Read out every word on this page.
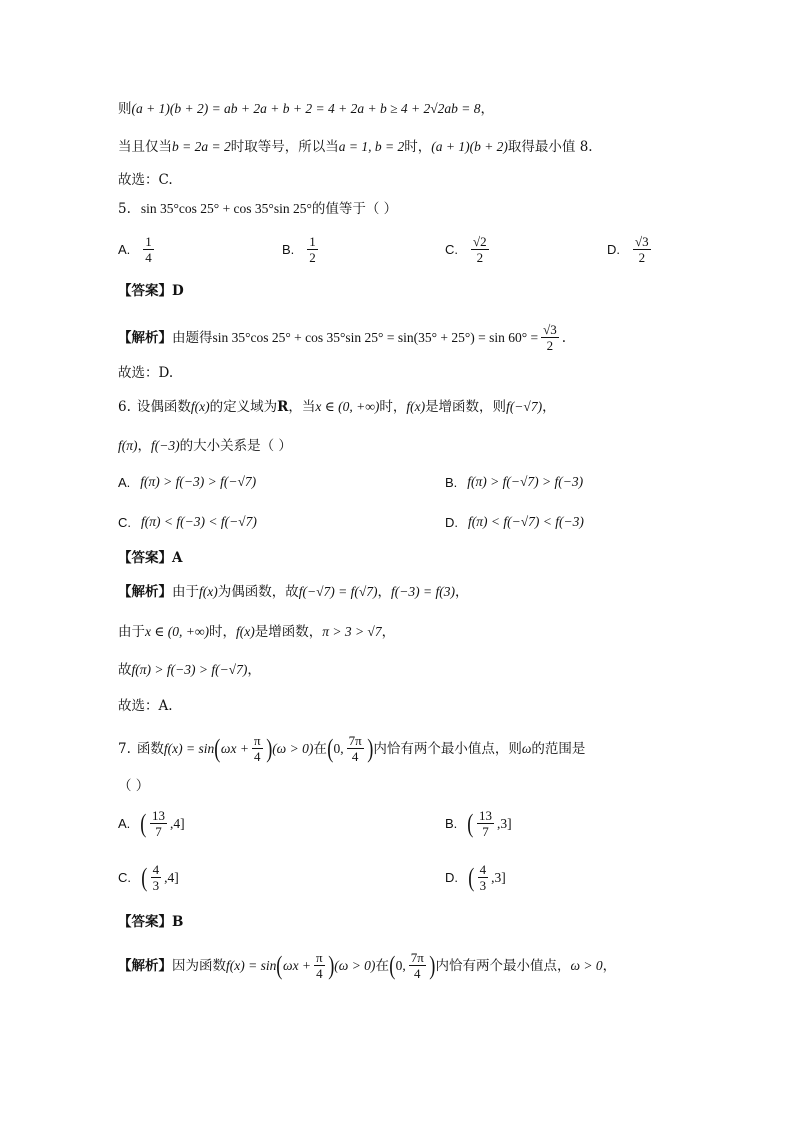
则 (a + 1)(b + 2) = ab + 2a + b + 2 = 4 + 2a + b ≥ 4 + 2√2ab = 8 ，
当且仅当 b = 2a = 2 时取等号，所以当 a = 1, b = 2 时， (a + 1)(b + 2) 取得最小值 8.
故选：C.
5. sin 35°cos 25° + cos 35°sin 25° 的值等于（ ）
A. $\frac{1}{4}$	B. $\frac{1}{2}$	C. $\frac{√2}{2}$	D. $\frac{√3}{2}$
【答案】D
【解析】 由题得 sin 35°cos 25° + cos 35°sin $25^\circ = \sin(35^\circ + 25^\circ) = \sin 60^\circ = \frac{√3}{2}$ .
故选：D.
6. 设偶函数 f(x) 的定义域为 R ，当 x ∈ (0, +∞) 时， f(x) 是增函数，则 f(−√7) ，
f(π) ， f(−3) 的大小关系是（ ）
A. f(π) > f(−3) > f(−√7)	B. f(π) > f(−√7) > f(−3)
C. f(π) < f(−3) < f(−√7)	D. f(π) < f(−√7) < f(−3)
【答案】A
【解析】 由于 f(x) 为偶函数，故 f(−√7) = f(√7) ， f(−3) = f(3) ，
由于 x ∈ (0, +∞) 时， f(x) 是增函数， π > 3 > √7 ，
故 f(π) > f(−3) > f(−√7) ，
故选：A.
7. 函数 f(x) = sin ( $\omega x + \frac{\pi}{4}$ ) (ω > 0) 在 ( 0, $\frac{7\pi}{4}$ ) 内恰有两个最小值点，则 ω 的范围是
（ ）
A. ( $\frac{13}{7} ,4$]	B. ( $\frac{13}{7} ,3$]
C. ( $\frac{4}{3} ,4$]	D. ( $\frac{4}{3} ,3$]
【答案】B
【解析】 因为函数 f(x) = sin ( $\omega x + \frac{\pi}{4}$ ) (ω > 0) 在 ( 0, $\frac{7\pi}{4}$ ) 内恰有两个最小值点， ω > 0 ，
